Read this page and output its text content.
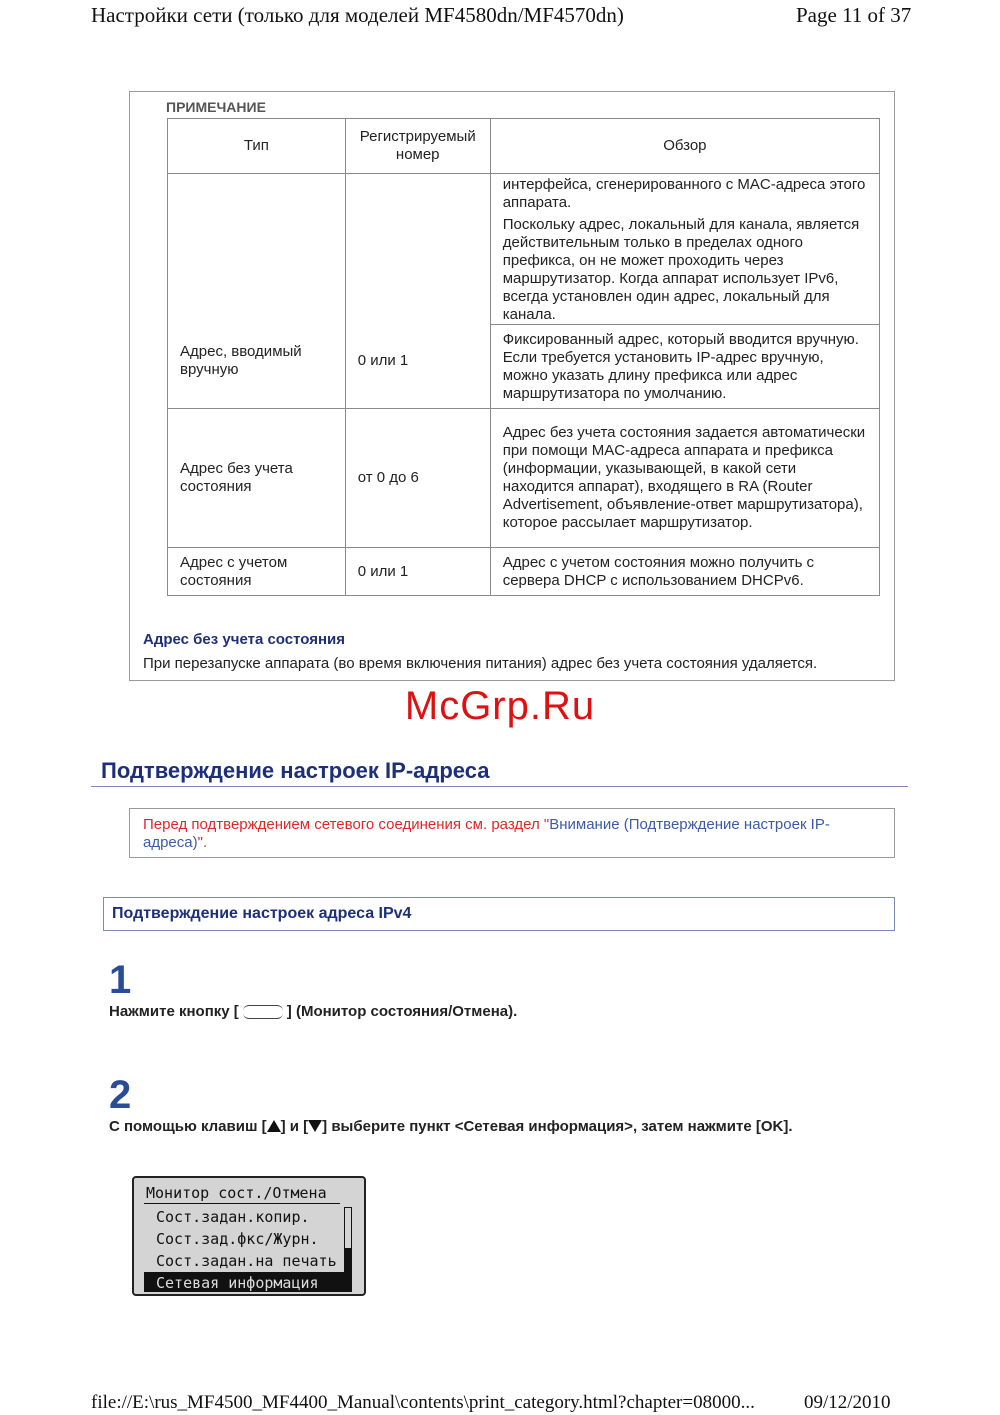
Настройки сети (только для моделей MF4580dn/MF4570dn)	Page 11 of 37
ПРИМЕЧАНИЕ
Тип	Регистрируемый номер	Обзор
Адрес, вводимый вручную	0 или 1	интерфейса, сгенерированного с MAC-адреса этого аппарата.
Поскольку адрес, локальный для канала, является действительным только в пределах одного префикса, он не может проходить через маршрутизатор. Когда аппарат использует IPv6, всегда установлен один адрес, локальный для канала.

		Фиксированный адрес, который вводится вручную. Если требуется установить IP-адрес вручную, можно указать длину префикса или адрес маршрутизатора по умолчанию.
Адрес без учета состояния	от 0 до 6	Адрес без учета состояния задается автоматически при помощи MAC-адреса аппарата и префикса (информации, указывающей, в какой сети находится аппарат), входящего в RA (Router Advertisement, объявление-ответ маршрутизатора), которое рассылает маршрутизатор.
Адрес с учетом состояния	0 или 1	Адрес с учетом состояния можно получить с сервера DHCP с использованием DHCPv6.
Адрес без учета состояния
При перезапуске аппарата (во время включения питания) адрес без учета состояния удаляется.
McGrp.Ru
Подтверждение настроек IP-адреса
Перед подтверждением сетевого соединения см. раздел "Внимание (Подтверждение настроек IP-адреса)".
Подтверждение настроек адреса IPv4
1
Нажмите кнопку [	] (Монитор состояния/Отмена).
2
С помощью клавиш [ ] и [ ] выберите пункт <Сетевая информация>, затем нажмите [OK].
Монитор сост./Отмена
Сост.задан.копир.
Сост.зад.фкс/Журн.
Сост.задан.на печать
Сетевая информация
file://E:\rus_MF4500_MF4400_Manual\contents\print_category.html?chapter=08000...	09/12/2010
